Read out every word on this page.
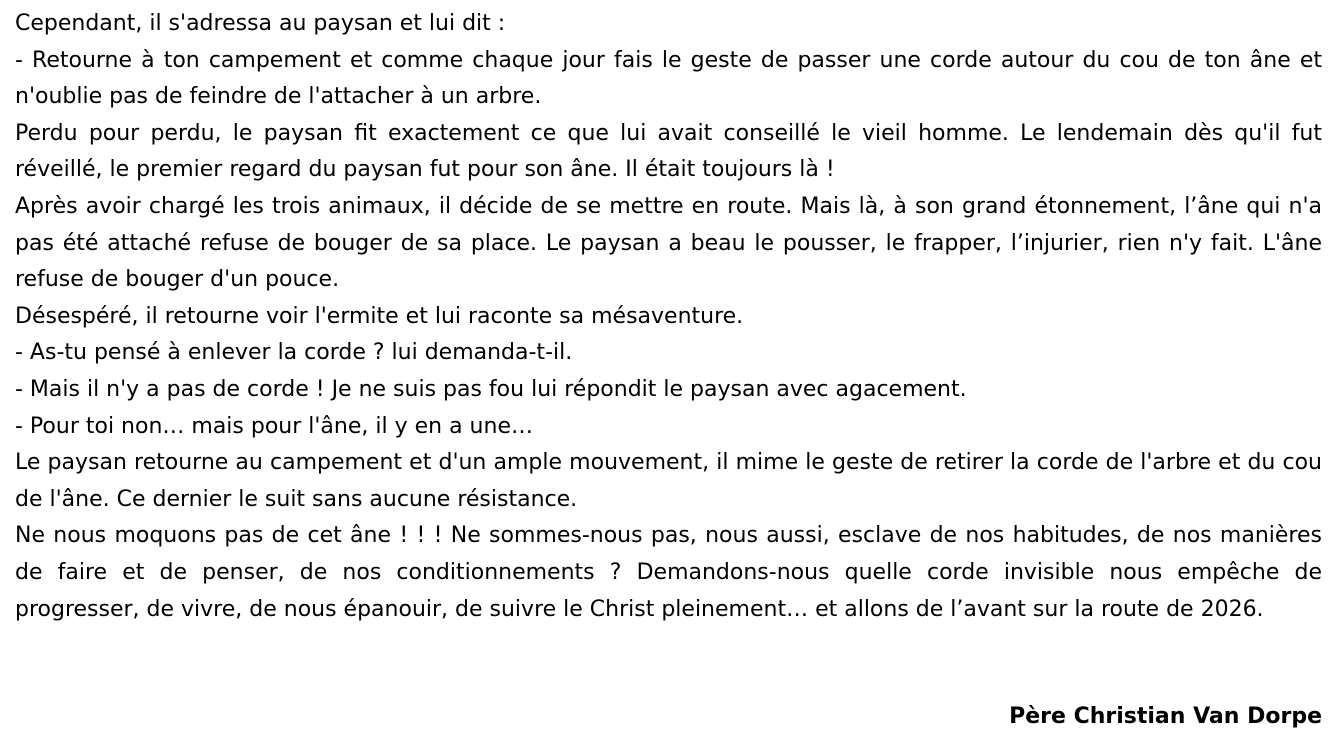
Cependant, il s'adressa au paysan et lui dit :

- Retourne à ton campement et comme chaque jour fais le geste de passer une corde autour du cou de ton âne et n'oublie pas de feindre de l'attacher à un arbre.

Perdu pour perdu, le paysan fit exactement ce que lui avait conseillé le vieil homme. Le lendemain dès qu'il fut réveillé, le premier regard du paysan fut pour son âne. Il était toujours là !

Après avoir chargé les trois animaux, il décide de se mettre en route. Mais là, à son grand étonnement, l’âne qui n'a pas été attaché refuse de bouger de sa place. Le paysan a beau le pousser, le frapper, l’injurier, rien n'y fait. L'âne refuse de bouger d'un pouce.

Désespéré, il retourne voir l'ermite et lui raconte sa mésaventure.

- As-tu pensé à enlever la corde ? lui demanda-t-il.

- Mais il n'y a pas de corde ! Je ne suis pas fou lui répondit le paysan avec agacement.

- Pour toi non… mais pour l'âne, il y en a une…

Le paysan retourne au campement et d'un ample mouvement, il mime le geste de retirer la corde de l'arbre et du cou de l'âne. Ce dernier le suit sans aucune résistance.

Ne nous moquons pas de cet âne ! ! ! Ne sommes-nous pas, nous aussi, esclave de nos habitudes, de nos manières de faire et de penser, de nos conditionnements ? Demandons-nous quelle corde invisible nous empêche de progresser, de vivre, de nous épanouir, de suivre le Christ pleinement… et allons de l’avant sur la route de 2026.

Père Christian Van Dorpe
